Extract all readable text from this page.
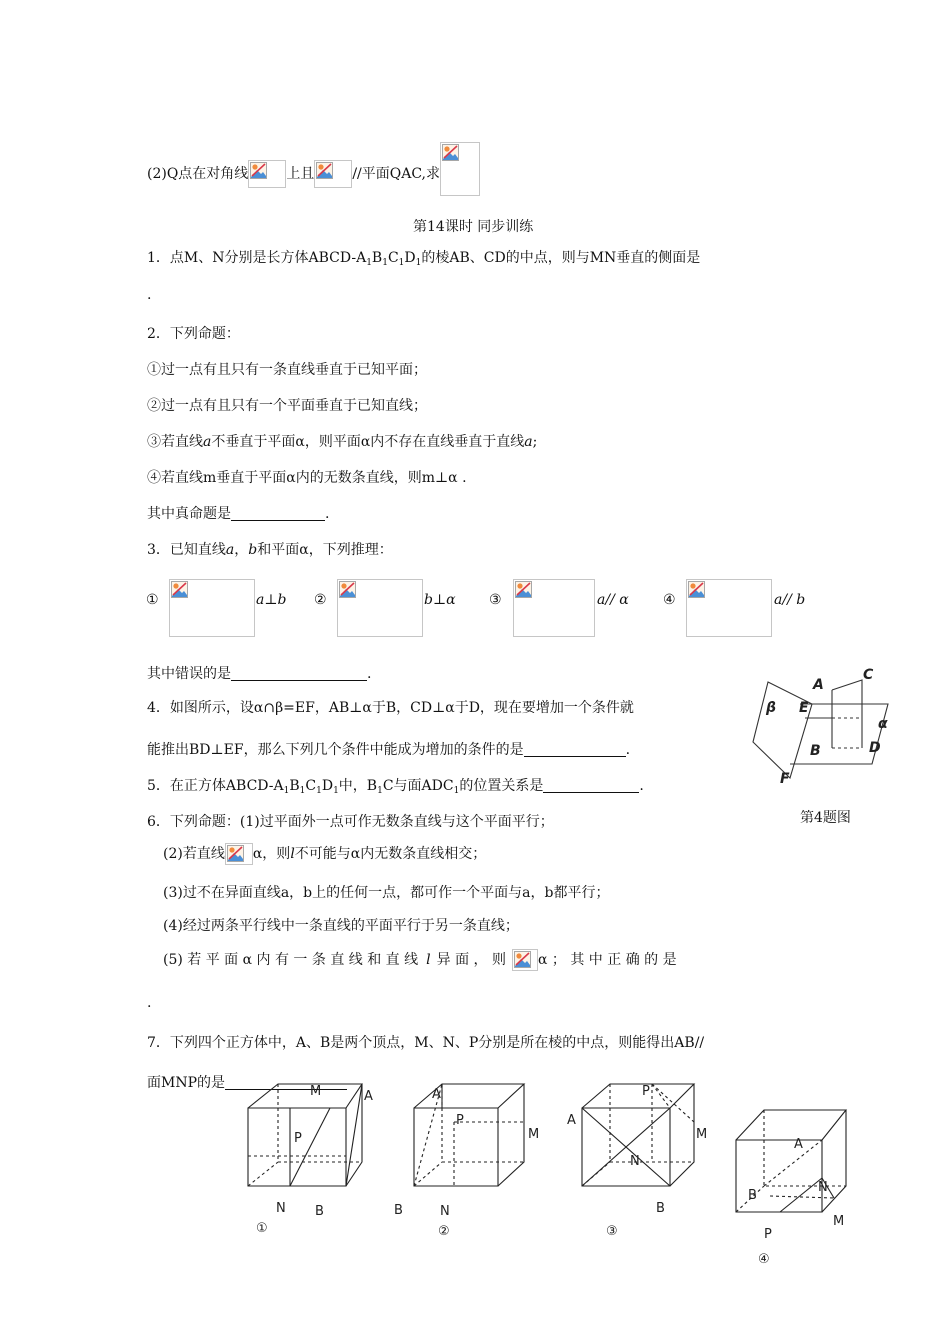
(2)Q点在对角线	上且	//平面QAC,求
第14课时 同步训练
1．点M、N分别是长方体ABCD-$A_1B_1C_1D_1$的棱AB、CD的中点，则与MN垂直的侧面是
.
2．下列命题：
①过一点有且只有一条直线垂直于已知平面；
②过一点有且只有一个平面垂直于已知直线；
③若直线a不垂直于平面α，则平面α内不存在直线垂直于直线a;
④若直线m垂直于平面α内的无数条直线，则m⊥α .
其中真命题是	.
3．已知直线a，b和平面α，下列推理：
①	a⊥b ②	b⊥α ③	a// α ④	a// b
其中错误的是	.
4．如图所示，设α∩β=EF，AB⊥α于B，CD⊥α于D，现在要增加一个条件就
能推出BD⊥EF，那么下列几个条件中能成为增加的条件的是	.
A
C
β E
α
B	D
F
第4题图
5．在正方体ABCD-$A_1B_1C_1D_1$中，$B_1C$与面$ADC_1$的位置关系是	.
6．下列命题：(1)过平面外一点可作无数条直线与这个平面平行；
(2)若直线 α，则l不可能与α内无数条直线相交；
(3)过不在异面直线a，b上的任何一点，都可作一个平面与a，b都平行；
(4)经过两条平行线中一条直线的平面平行于另一条直线；
(5) 若 平 面 α 内 有 一 条 直 线 和 直 线 l 异 面 ， 则 α ； 其 中 正 确 的 是
.
7．下列四个正方体中，A、B是两个顶点，M、N、P分别是所在棱的中点，则能得出AB//
面MNP的是
M	A
P
N B
①
A
P
M
B	N
②
P
A
M
N
B
③
A
B
N
M
P
④
